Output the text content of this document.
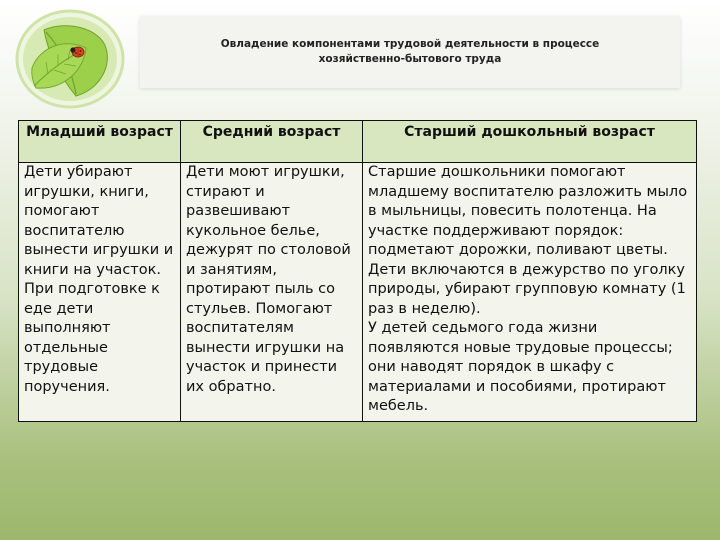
Овладение компонентами трудовой деятельности в процессе хозяйственно-бытового труда
Младший возраст	Средний возраст	Старший дошкольный возраст
Дети убирают игрушки, книги, помогают воспитателю вынести игрушки и книги на участок. При подготовке к еде дети выполняют отдельные трудовые поручения.	Дети моют игрушки, стирают и развешивают кукольное белье, дежурят по столовой и занятиям, протирают пыль со стульев. Помогают воспитателям вынести игрушки на участок и принести их обратно.	Старшие дошкольники помогают младшему воспитателю разложить мыло в мыльницы, повесить полотенца. На участке поддерживают порядок: подметают дорожки, поливают цветы.
Дети включаются в дежурство по уголку природы, убирают групповую комнату (1 раз в неделю).
У детей седьмого года жизни появляются новые трудовые процессы; они наводят порядок в шкафу с материалами и пособиями, протирают мебель.
